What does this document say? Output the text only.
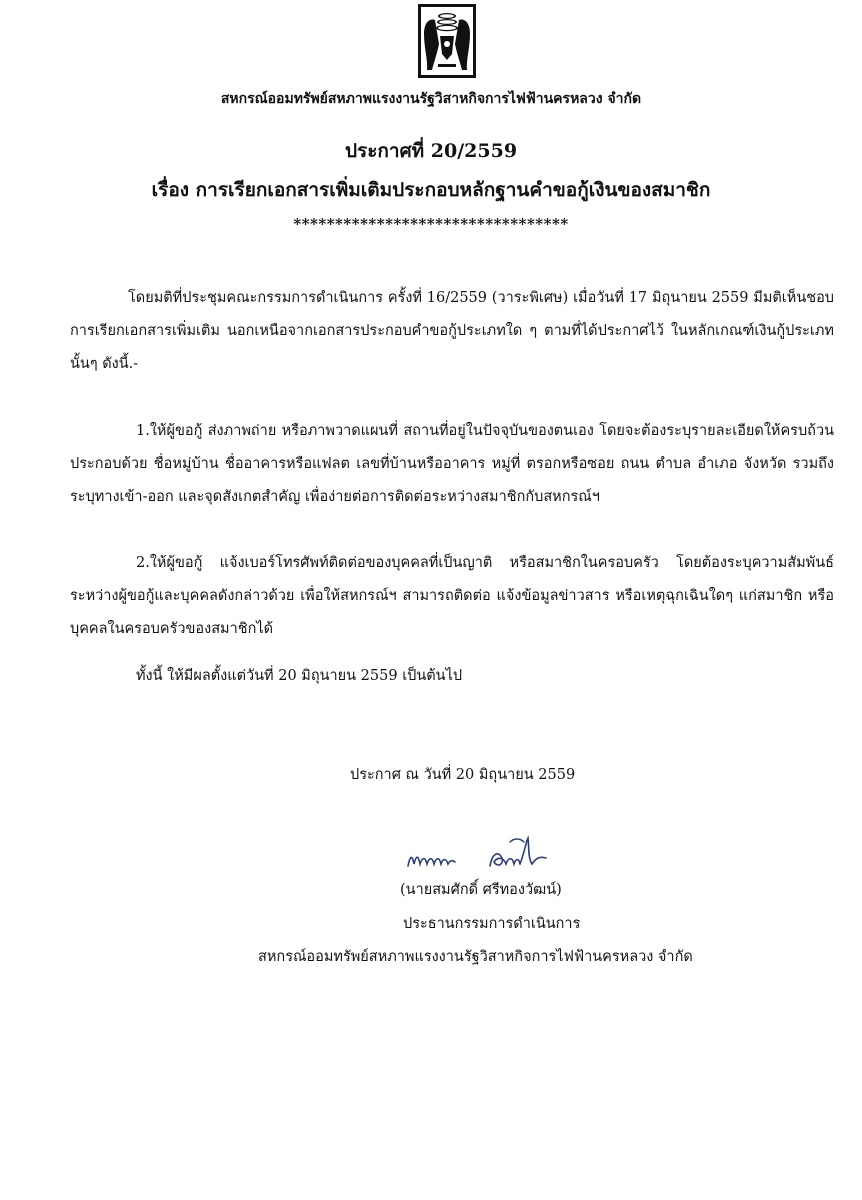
สหกรณ์ออมทรัพย์สหภาพแรงงานรัฐวิสาหกิจการไฟฟ้านครหลวง จำกัด
ประกาศที่ 20/2559
เรื่อง การเรียกเอกสารเพิ่มเติมประกอบหลักฐานคำขอกู้เงินของสมาชิก
*********************************

โดยมติที่ประชุมคณะกรรมการดำเนินการ ครั้งที่ 16/2559 (วาระพิเศษ) เมื่อวันที่ 17 มิถุนายน 2559 มีมติเห็นชอบการเรียกเอกสารเพิ่มเติม นอกเหนือจากเอกสารประกอบคำขอกู้ประเภทใด ๆ ตามที่ได้ประกาศไว้ ในหลักเกณฑ์เงินกู้ประเภทนั้นๆ ดังนี้.-

1.ให้ผู้ขอกู้ ส่งภาพถ่าย หรือภาพวาดแผนที่ สถานที่อยู่ในปัจจุบันของตนเอง โดยจะต้องระบุรายละเอียดให้ครบถ้วน ประกอบด้วย ชื่อหมู่บ้าน ชื่ออาคารหรือแฟลต เลขที่บ้านหรืออาคาร หมู่ที่ ตรอกหรือซอย ถนน ตำบล อำเภอ จังหวัด รวมถึงระบุทางเข้า-ออก และจุดสังเกตสำคัญ เพื่อง่ายต่อการติดต่อระหว่างสมาชิกกับสหกรณ์ฯ

2.ให้ผู้ขอกู้ แจ้งเบอร์โทรศัพท์ติดต่อของบุคคลที่เป็นญาติ หรือสมาชิกในครอบครัว โดยต้องระบุความสัมพันธ์ระหว่างผู้ขอกู้และบุคคลดังกล่าวด้วย เพื่อให้สหกรณ์ฯ สามารถติดต่อ แจ้งข้อมูลข่าวสาร หรือเหตุฉุกเฉินใดๆ แก่สมาชิก หรือบุคคลในครอบครัวของสมาชิกได้

ทั้งนี้ ให้มีผลตั้งแต่วันที่ 20 มิถุนายน 2559 เป็นต้นไป

ประกาศ ณ วันที่ 20 มิถุนายน 2559
(นายสมศักดิ์ ศรีทองวัฒน์)
ประธานกรรมการดำเนินการ
สหกรณ์ออมทรัพย์สหภาพแรงงานรัฐวิสาหกิจการไฟฟ้านครหลวง จำกัด
